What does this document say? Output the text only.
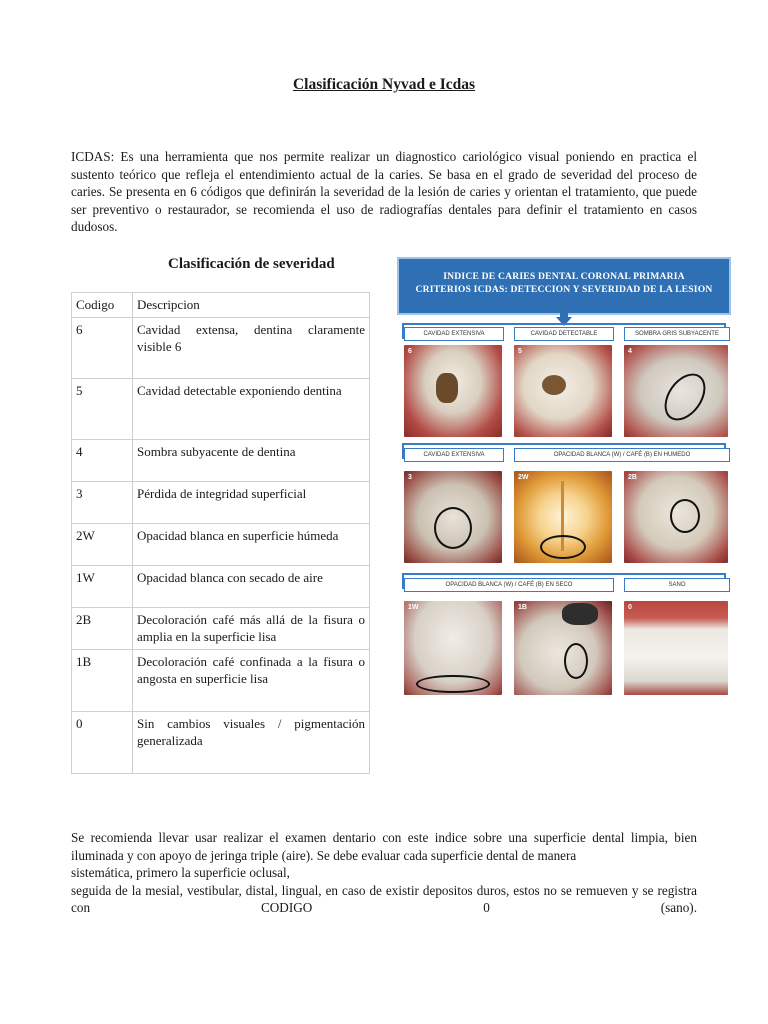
Clasificación Nyvad e Icdas

ICDAS: Es una herramienta que nos permite realizar un diagnostico cariológico visual poniendo en practica el sustento teórico que refleja el entendimiento actual de la caries. Se basa en el grado de severidad del proceso de caries. Se presenta en 6 códigos que definirán la severidad de la lesión de caries y orientan el tratamiento, que puede ser preventivo o restaurador, se recomienda el uso de radiografías dentales para definir el tratamiento en casos dudosos.

Clasificación de severidad
Codigo	Descripcion
6	Cavidad extensa, dentina claramente visible 6
5	Cavidad detectable exponiendo dentina
4	Sombra subyacente de dentina
3	Pérdida de integridad superficial
2W	Opacidad blanca en superficie húmeda
1W	Opacidad blanca con secado de aire
2B	Decoloración café más allá de la fisura o amplia en la superficie lisa
1B	Decoloración café confinada a la fisura o angosta en superficie lisa
0	Sin cambios visuales / pigmentación generalizada
INDICE DE CARIES DENTAL CORONAL PRIMARIA
CRITERIOS ICDAS: DETECCION Y SEVERIDAD DE LA LESION
CAVIDAD EXTENSIVA	CAVIDAD DETECTABLE	SOMBRA GRIS SUBYACENTE
6	5	4
CAVIDAD EXTENSIVA	OPACIDAD BLANCA (W) / CAFÉ (B) EN HUMEDO
3	2W	2B
OPACIDAD BLANCA (W) / CAFÉ (B) EN SECO	SANO
1W	1B	0
Se recomienda llevar usar realizar el examen dentario con este indice sobre una superficie dental limpia, bien iluminada y con apoyo de jeringa triple (aire). Se debe evaluar cada superficie dental de manera
sistemática, primero la superficie oclusal,
seguida de la mesial, vestibular, distal, lingual, en caso de existir depositos duros, estos no se remueven y se registra con CODIGO 0 (sano).
